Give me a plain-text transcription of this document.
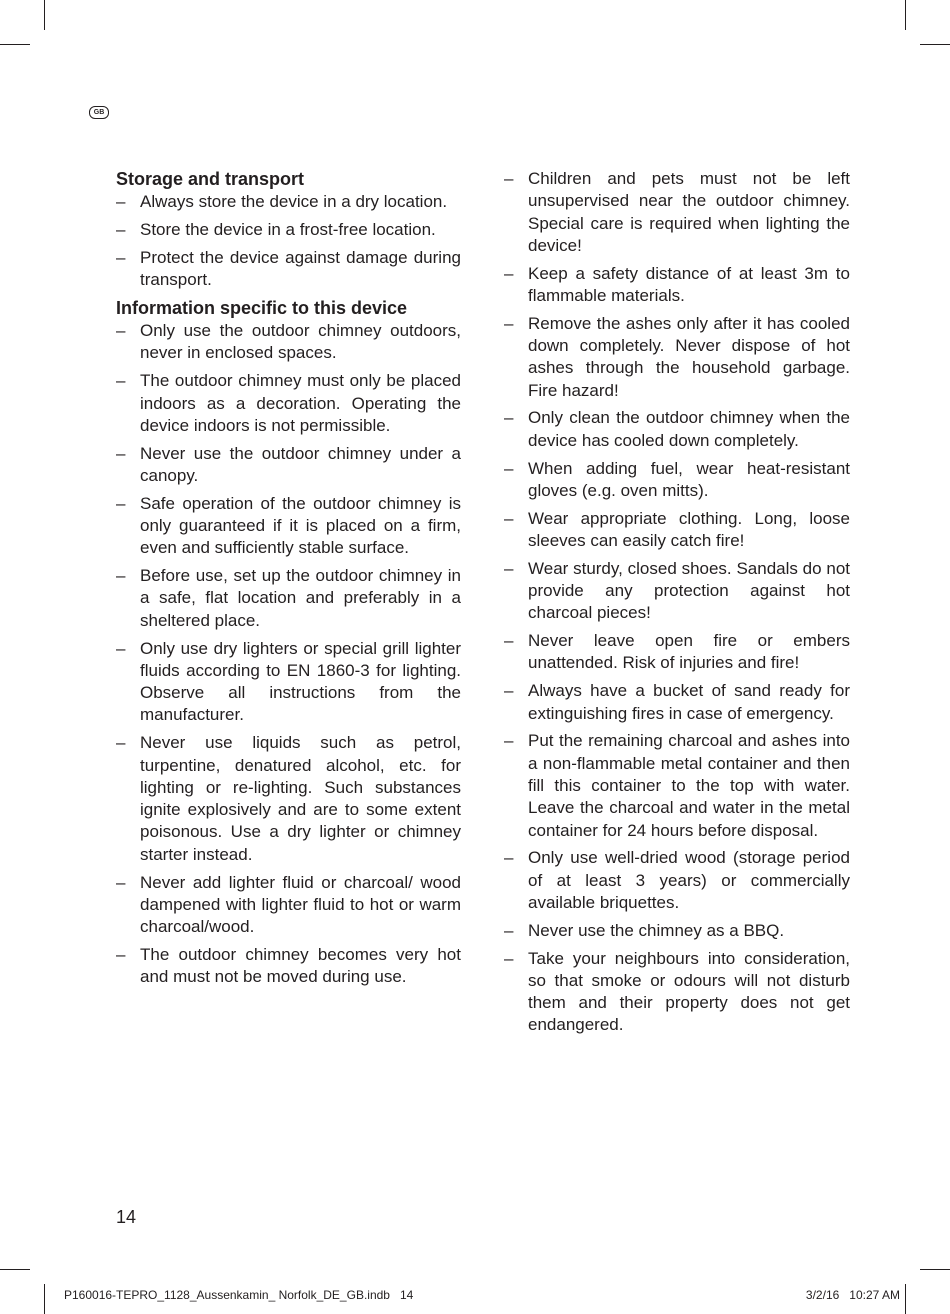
GB
Storage and transport
– Always store the device in a dry location.
– Store the device in a frost-free location.
– Protect the device against damage during transport.
Information specific to this device
– Only use the outdoor chimney outdoors, never in enclosed spaces.
– The outdoor chimney must only be placed indoors as a decoration. Operating the device indoors is not permissible.
– Never use the outdoor chimney under a canopy.
– Safe operation of the outdoor chimney is only guaranteed if it is placed on a firm, even and sufficiently stable surface.
– Before use, set up the outdoor chimney in a safe, flat location and preferably in a sheltered place.
– Only use dry lighters or special grill lighter fluids according to EN 1860-3 for lighting. Observe all instructions from the manufacturer.
– Never use liquids such as petrol, turpentine, denatured alcohol, etc. for lighting or re-lighting. Such substances ignite explosively and are to some extent poisonous. Use a dry lighter or chimney starter instead.
– Never add lighter fluid or charcoal/ wood dampened with lighter fluid to hot or warm charcoal/wood.
– The outdoor chimney becomes very hot and must not be moved during use.
– Children and pets must not be left unsupervised near the outdoor chimney. Special care is required when lighting the device!
– Keep a safety distance of at least 3m to flammable materials.
– Remove the ashes only after it has cooled down completely. Never dispose of hot ashes through the household garbage. Fire hazard!
– Only clean the outdoor chimney when the device has cooled down completely.
– When adding fuel, wear heat-resistant gloves (e.g. oven mitts).
– Wear appropriate clothing. Long, loose sleeves can easily catch fire!
– Wear sturdy, closed shoes. Sandals do not provide any protection against hot charcoal pieces!
– Never leave open fire or embers unattended. Risk of injuries and fire!
– Always have a bucket of sand ready for extinguishing fires in case of emergency.
– Put the remaining charcoal and ashes into a non-flammable metal container and then fill this container to the top with water. Leave the charcoal and water in the metal container for 24 hours before disposal.
– Only use well-dried wood (storage period of at least 3 years) or commercially available briquettes.
– Never use the chimney as a BBQ.
– Take your neighbours into consideration, so that smoke or odours will not disturb them and their property does not get endangered.
14
P160016-TEPRO_1128_Aussenkamin_ Norfolk_DE_GB.indb   14	3/2/16   10:27 AM
